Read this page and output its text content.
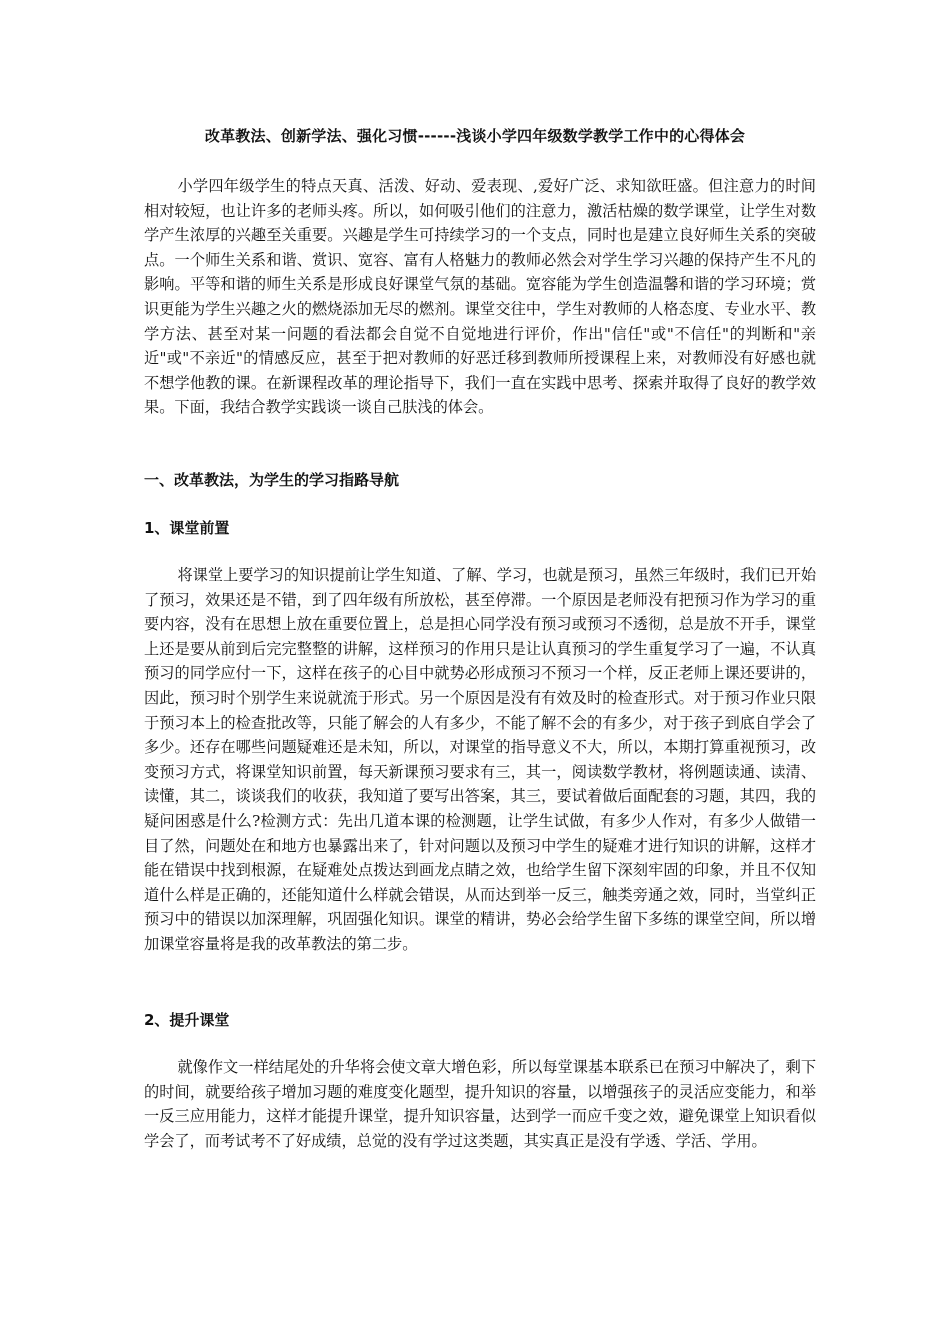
改革教法、创新学法、强化习惯------浅谈小学四年级数学教学工作中的心得体会

小学四年级学生的特点天真、活泼、好动、爱表现、,爱好广泛、求知欲旺盛。但注意力的时间相对较短，也让许多的老师头疼。所以，如何吸引他们的注意力，激活枯燥的数学课堂，让学生对数学产生浓厚的兴趣至关重要。兴趣是学生可持续学习的一个支点，同时也是建立良好师生关系的突破点。一个师生关系和谐、赏识、宽容、富有人格魅力的教师必然会对学生学习兴趣的保持产生不凡的影响。平等和谐的师生关系是形成良好课堂气氛的基础。宽容能为学生创造温馨和谐的学习环境；赏识更能为学生兴趣之火的燃烧添加无尽的燃剂。课堂交往中，学生对教师的人格态度、专业水平、教学方法、甚至对某一问题的看法都会自觉不自觉地进行评价，作出"信任"或"不信任"的判断和"亲近"或"不亲近"的情感反应，甚至于把对教师的好恶迁移到教师所授课程上来，对教师没有好感也就不想学他教的课。在新课程改革的理论指导下，我们一直在实践中思考、探索并取得了良好的教学效果。下面，我结合教学实践谈一谈自己肤浅的体会。

一、改革教法，为学生的学习指路导航
1、课堂前置

将课堂上要学习的知识提前让学生知道、了解、学习，也就是预习，虽然三年级时，我们已开始了预习，效果还是不错，到了四年级有所放松，甚至停滞。一个原因是老师没有把预习作为学习的重要内容，没有在思想上放在重要位置上，总是担心同学没有预习或预习不透彻，总是放不开手，课堂上还是要从前到后完完整整的讲解，这样预习的作用只是让认真预习的学生重复学习了一遍，不认真预习的同学应付一下，这样在孩子的心目中就势必形成预习不预习一个样，反正老师上课还要讲的，因此，预习时个别学生来说就流于形式。另一个原因是没有有效及时的检查形式。对于预习作业只限于预习本上的检查批改等，只能了解会的人有多少，不能了解不会的有多少，对于孩子到底自学会了多少。还存在哪些问题疑难还是未知，所以，对课堂的指导意义不大，所以，本期打算重视预习，改变预习方式，将课堂知识前置，每天新课预习要求有三，其一，阅读数学教材，将例题读通、读清、读懂，其二，谈谈我们的收获，我知道了要写出答案，其三，要试着做后面配套的习题，其四，我的疑问困惑是什么?检测方式：先出几道本课的检测题，让学生试做，有多少人作对，有多少人做错一目了然，问题处在和地方也暴露出来了，针对问题以及预习中学生的疑难才进行知识的讲解，这样才能在错误中找到根源，在疑难处点拨达到画龙点睛之效，也给学生留下深刻牢固的印象，并且不仅知道什么样是正确的，还能知道什么样就会错误，从而达到举一反三，触类旁通之效，同时，当堂纠正预习中的错误以加深理解，巩固强化知识。课堂的精讲，势必会给学生留下多练的课堂空间，所以增加课堂容量将是我的改革教法的第二步。

2、提升课堂

就像作文一样结尾处的升华将会使文章大增色彩，所以每堂课基本联系已在预习中解决了，剩下的时间，就要给孩子增加习题的难度变化题型，提升知识的容量，以增强孩子的灵活应变能力，和举一反三应用能力，这样才能提升课堂，提升知识容量，达到学一而应千变之效，避免课堂上知识看似学会了，而考试考不了好成绩，总觉的没有学过这类题，其实真正是没有学透、学活、学用。
